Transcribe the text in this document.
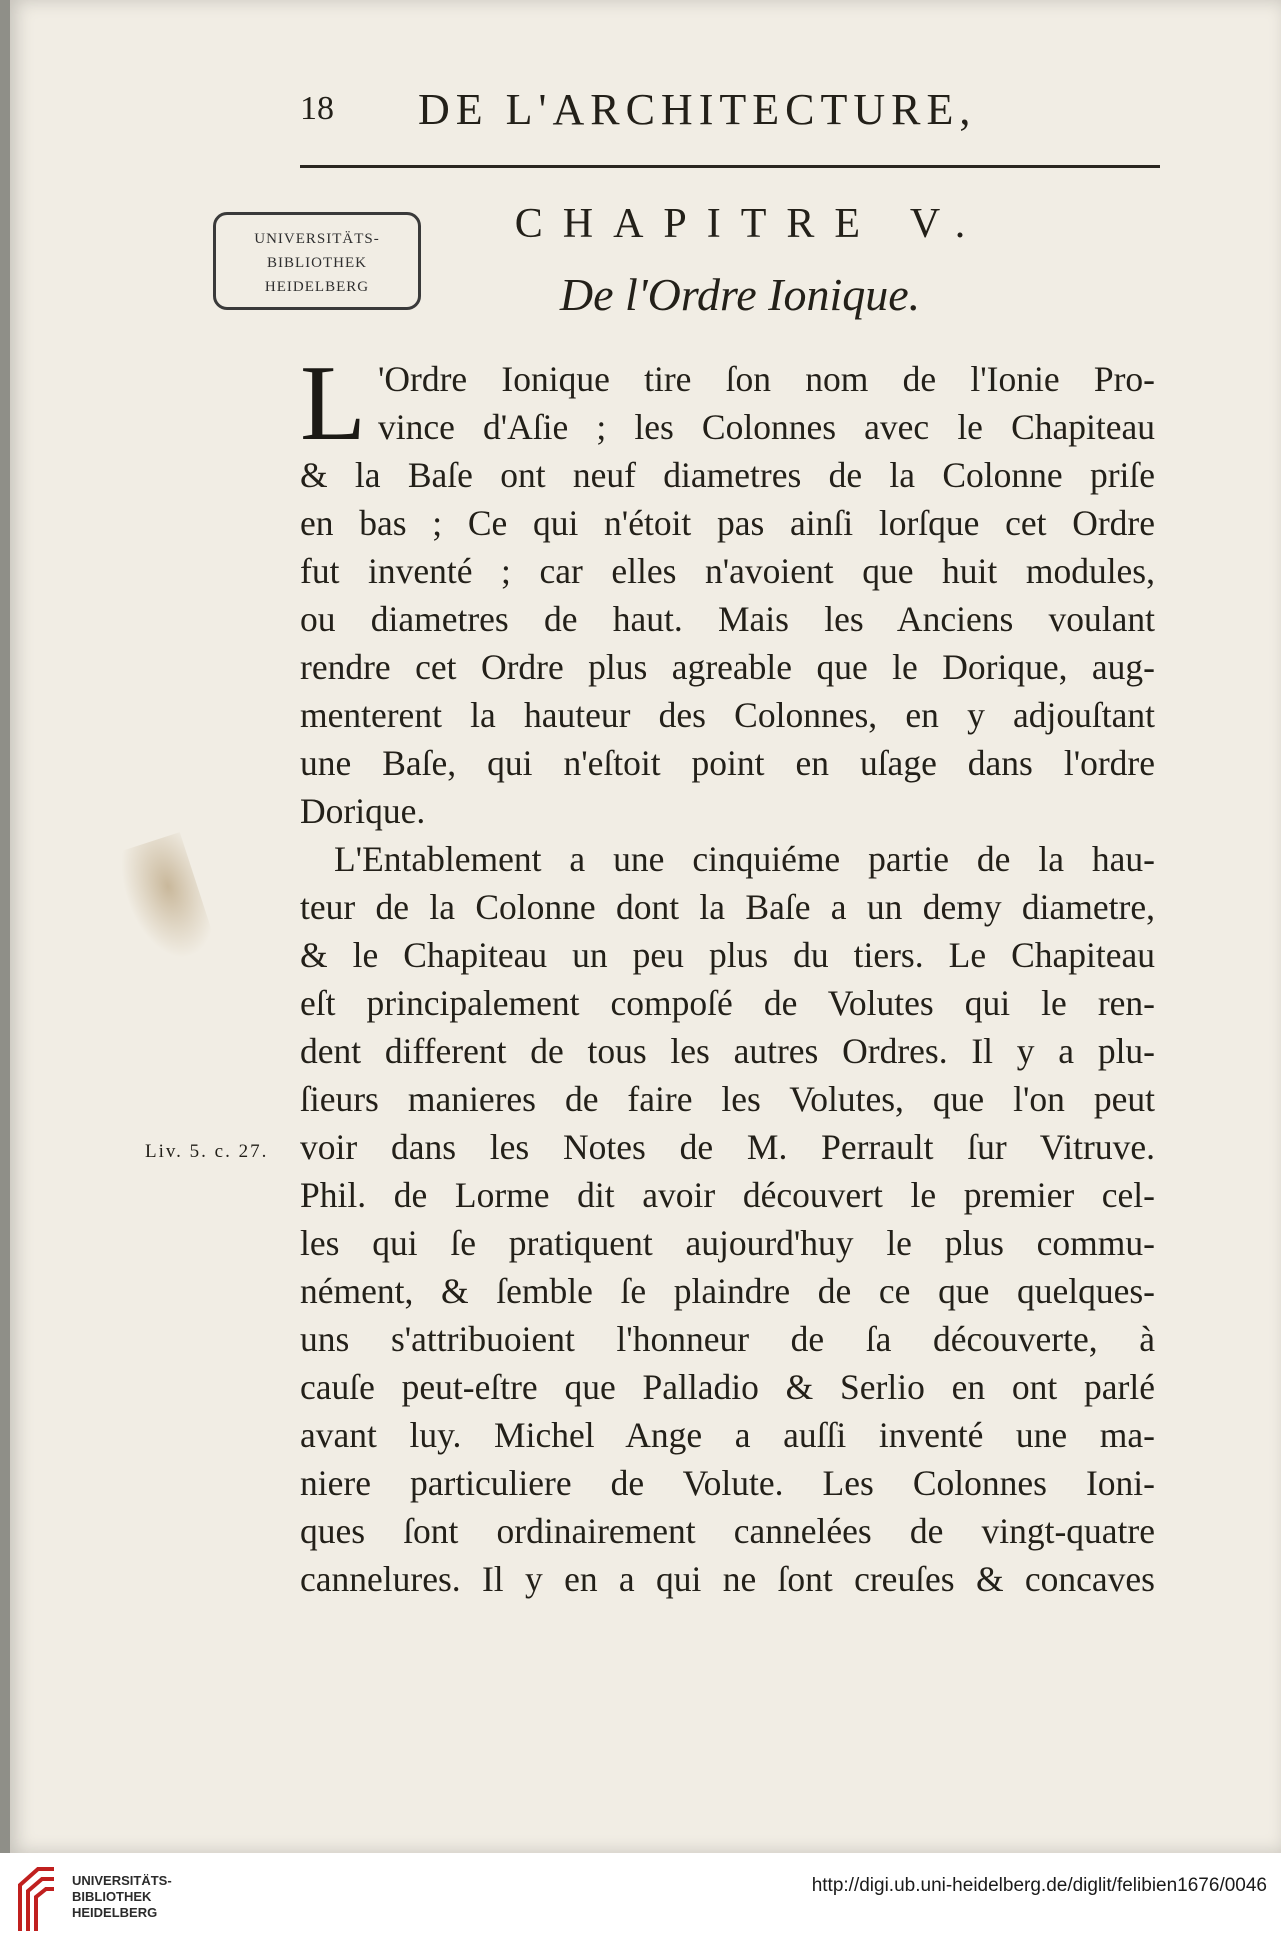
18 DE L'ARCHITECTURE,
UNIVERSITÄTS-
BIBLIOTHEK
HEIDELBERG
CHAPITRE V.
De l'Ordre Ionique.
L 'Ordre Ionique tire ſon nom de l'Ionie Pro-
vince d'Aſie ; les Colonnes avec le Chapiteau
& la Baſe ont neuf diametres de la Colonne priſe
en bas ; Ce qui n'étoit pas ainſi lorſque cet Ordre
fut inventé ; car elles n'avoient que huit modules,
ou diametres de haut. Mais les Anciens voulant
rendre cet Ordre plus agreable que le Dorique, aug-
menterent la hauteur des Colonnes, en y adjouſtant
une Baſe, qui n'eſtoit point en uſage dans l'ordre
Dorique.
L'Entablement a une cinquiéme partie de la hau-
teur de la Colonne dont la Baſe a un demy diametre,
& le Chapiteau un peu plus du tiers. Le Chapiteau
eſt principalement compoſé de Volutes qui le ren-
dent different de tous les autres Ordres. Il y a plu-
ſieurs manieres de faire les Volutes, que l'on peut
voir dans les Notes de M. Perrault ſur Vitruve.
Phil. de Lorme dit avoir découvert le premier cel-
les qui ſe pratiquent aujourd'huy le plus commu-
nément, & ſemble ſe plaindre de ce que quelques-
uns s'attribuoient l'honneur de ſa découverte, à
cauſe peut-eſtre que Palladio & Serlio en ont parlé
avant luy. Michel Ange a auſſi inventé une ma-
niere particuliere de Volute. Les Colonnes Ioni-
ques ſont ordinairement cannelées de vingt-quatre
cannelures. Il y en a qui ne ſont creuſes & concaves
Liv. 5. c. 27.
UNIVERSITÄTS-
BIBLIOTHEK
HEIDELBERG
http://digi.ub.uni-heidelberg.de/diglit/felibien1676/0046
